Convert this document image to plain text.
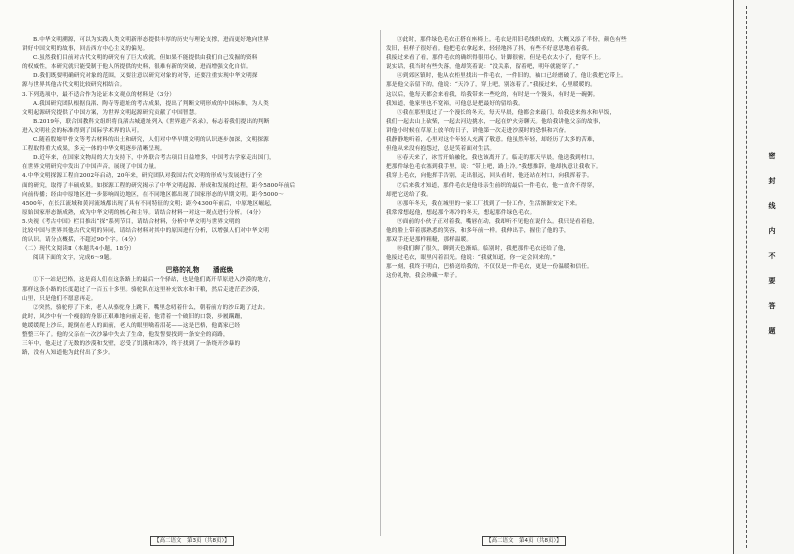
B.中华文明溯源，可以为实践人类文明新形态提供丰厚的历史与理论支撑，进而更好地向世界

讲好中国文明的故事，回击西方中心主义的偏见。

C.虽然我们目前对古代文明的研究有了巨大成就，但如果不能提供由我们自己发掘的资料

的权威性，本研究就只能受制于他人所提供的史料，很难有新的突破，进而增强文化自信。

D.我们既要明确研究对象的范围，又要注意以研究对象的对等，还要注重实现中华文明探

源与世界其他古代文明比较研究相结合。

3.下列选项中，最不适合作为论证本文观点的材料是（3分）

A.我国研究团队根据良渚、陶寺等遗址的考古成果，提出了判断文明形成的中国标准，为人类

文明起源研究提供了中国方案，为世界文明起源研究贡献了中国智慧。

B.2019年，联合国教科文组织将良渚古城遗址列入《世界遗产名录》，标志着我们提出的判断

进入文明社会的标准得到了国际学术界的认可。

C.随着殷墟甲骨文等考古材料的出土和研究，人们对中华早期文明的认识逐步加深，文明探源

工程取得重大成果，多元一体的中华文明逐步清晰呈现。

D.近年来，在国家文物局的大力支持下，中外联合考古项目日益增多，中国考古学家走出国门，

在世界文明研究中发出了中国声音，展现了中国力量。

4.中华文明探源工程自2002年启动，20年来，研究团队对我国古代文明的形成与发展进行了全

面的研究，取得了丰硕成果。如探源工程的研究揭示了中华文明起源、形成和发展的过程，距今5800年前后

向前传播；经由中原地区进一步影响周边地区，在不同地区都出现了国家形态的早期文明。距今5000～

4500年，在长江流域和黄河流域都出现了具有不同特征的文明；距今4300年前后，中原地区崛起，

原始国家形态渐成熟，成为中华文明的核心和主导。请结合材料一对这一观点进行分析。（4分）

5.央视《考古中国》栏目推出“探”系列节目，请结合材料，分析中华文明与世界文明的

比较中国与世界其他古代文明的异同，请结合材料对其中的原因进行分析，以增强人们对中华文明

的认识。请分点概括，不超过90个字。（4分）

（二）现代文阅读Ⅱ（本题共4小题，18分）

阅读下面的文字，完成6～9题。

巴格的礼物　　潘庭焕

①下一站是巴格，这是商人们在这条路上的最后一个驿站，也是他们离开草原进入沙漠的地方，

那样这条小路的长度超过了一百五十多里。骆驼队在这里补充饮水和干粮，然后走进茫茫沙漠，

山里，只是他们不愿意再走。

②突然，骆驼停了下来，老人从骆驼身上跳下，嘴里念叨着什么，朝着前方的沙丘跑了过去。

此时，风沙中有一个瘦弱的身影正艰难地向前走着，他背着一个破旧的口袋，步履蹒跚，

她缓缓爬上沙丘，跪倒在老人的面前，老人的眼里噙着泪花——这是巴格，他离家已经

整整三年了。他的父亲在一次沙暴中失去了生命，他发誓要找到一条安全的商路，

三年中，他走过了无数的沙漠和戈壁，忍受了饥饿和寒冷，终于找到了一条绕开沙暴的

路，没有人知道他为此付出了多少。

③此时，那件绿色毛衣正搭在座椅上。毛衣是用旧毛线织成的，大概又添了半份，颜色有些

发旧，但样子很好看。他把毛衣拿起来，轻轻地抖了抖，有些不好意思地看着我。

我接过来看了看，那件毛衣的确织得很用心，针脚很密，但是毛衣太小了，他穿不上。

说实话，我当时有些失落，他却笑着说：“没关系，留着吧，明年就能穿了。”

④到郊区镇时，他从衣柜里找出一件毛衣，一件旧的，袖口已经磨破了，他让我把它带上。

那是他父亲留下的，他说：“天冷了，穿上吧，别冻着了。”我接过来，心里暖暖的。

这以后，他每天都会来看我，给我带来一些吃的，有时是一个馒头，有时是一碗粥。

我知道，他家里也不宽裕，可他总是把最好的留给我。

⑤我在那里度过了一个漫长的冬天，每天早晨，他都会来敲门，给我送来热水和早饭，

我们一起去山上砍柴，一起去河边挑水，一起在炉火旁聊天。他给我讲他父亲的故事，

讲他小时候在草原上放羊的日子，讲他第一次走进沙漠时的恐惧和兴奋。

我静静地听着，心里对这个年轻人充满了敬意。他虽然年轻，却经历了太多的苦难，

但他从来没有抱怨过，总是笑着面对生活。

⑥春天来了，冰雪开始融化，我也该离开了。临走的那天早晨，他送我到村口，

把那件绿色毛衣塞到我手里，说：“带上吧，路上冷。”我想推辞，他却执意让我收下。

我穿上毛衣，向他挥手告别，走出很远，回头看时，他还站在村口，向我挥着手。

⑦后来我才知道，那件毛衣是他母亲生前织的最后一件毛衣，他一直舍不得穿，

却把它送给了我。

⑧那年冬天，我在城里的一家工厂找到了一份工作，生活渐渐安定下来。

我常常想起他，想起那个寒冷的冬天，想起那件绿色毛衣。

⑨面前的小伙子正对着我，嘴唇在动，我却听不见他在说什么。我只是看着他，

他的脸上带着那熟悉的笑容，和多年前一样。我伸出手，握住了他的手，

那双手还是那样粗糙，那样温暖。

⑩我们聊了很久，聊到天色渐暗。临别时，我把那件毛衣还给了他，

他接过毛衣，眼里闪着泪光。他说：“我就知道，你一定会回来的。”

那一刻，我终于明白，巴格送给我的，不仅仅是一件毛衣，更是一份温暖和信任。

这份礼物，我会珍藏一辈子。

【高二语文　第3页（共8页）】	【高二语文　第4页（共8页）】
密
封
线
内
不
要
答
题
